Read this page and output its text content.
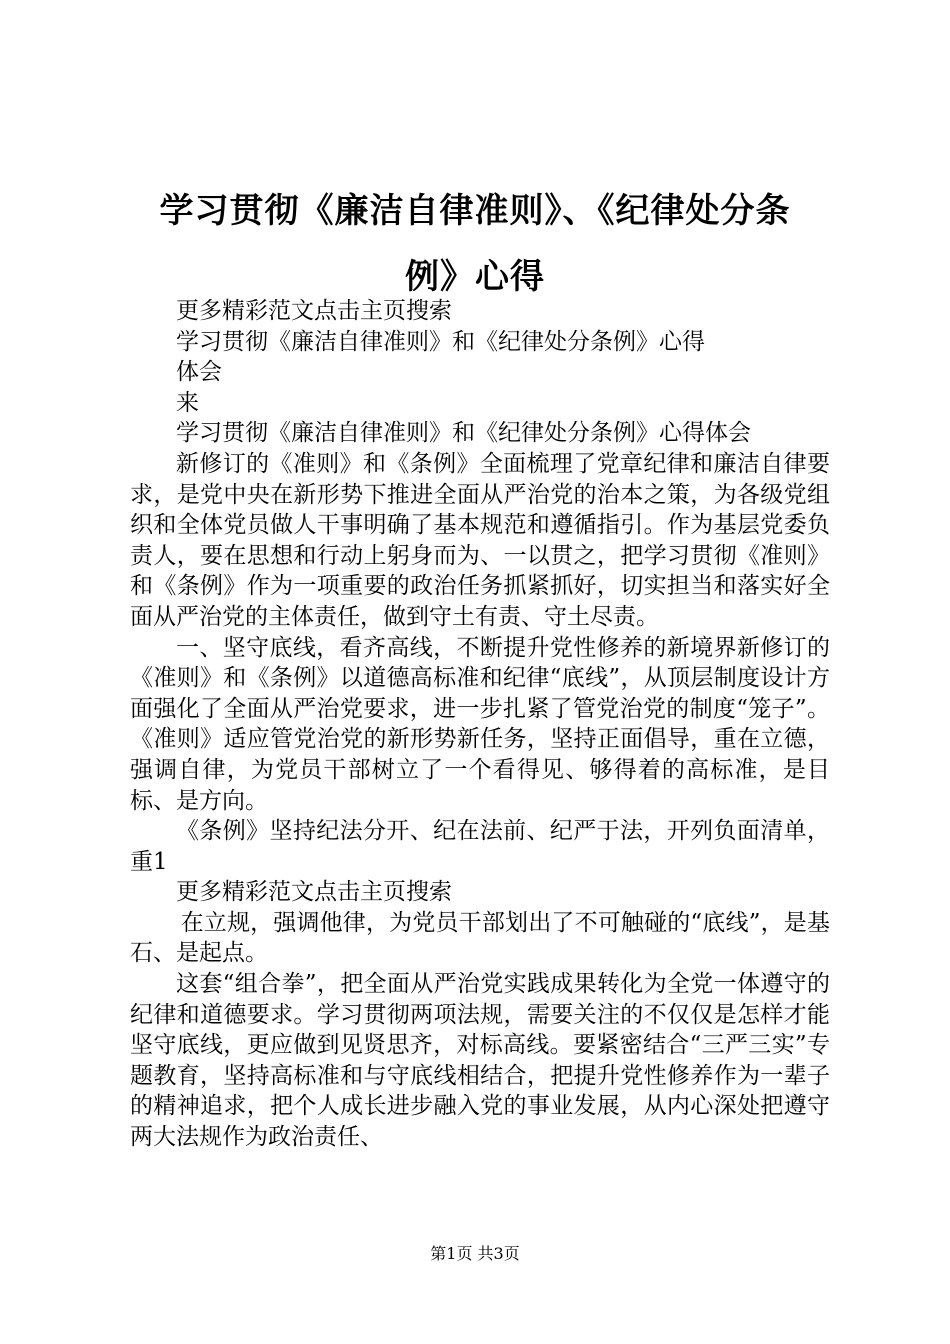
学习贯彻《廉洁自律准则》、《纪律处分条
例》心得

更多精彩范文点击主页搜索

学习贯彻《廉洁自律准则》和《纪律处分条例》心得

体会

来

学习贯彻《廉洁自律准则》和《纪律处分条例》心得体会

新修订的《准则》和《条例》全面梳理了党章纪律和廉洁自律要求，是党中央在新形势下推进全面从严治党的治本之策，为各级党组织和全体党员做人干事明确了基本规范和遵循指引。作为基层党委负责人，要在思想和行动上躬身而为、一以贯之，把学习贯彻《准则》和《条例》作为一项重要的政治任务抓紧抓好，切实担当和落实好全面从严治党的主体责任，做到守土有责、守土尽责。

一、坚守底线，看齐高线，不断提升党性修养的新境界新修订的《准则》和《条例》以道德高标准和纪律“底线”，从顶层制度设计方面强化了全面从严治党要求，进一步扎紧了管党治党的制度“笼子”。《准则》适应管党治党的新形势新任务，坚持正面倡导，重在立德，强调自律，为党员干部树立了一个看得见、够得着的高标准，是目标、是方向。

《条例》坚持纪法分开、纪在法前、纪严于法，开列负面清单，重1

更多精彩范文点击主页搜索

在立规，强调他律，为党员干部划出了不可触碰的“底线”，是基石、是起点。

这套“组合拳”，把全面从严治党实践成果转化为全党一体遵守的纪律和道德要求。学习贯彻两项法规，需要关注的不仅仅是怎样才能坚守底线，更应做到见贤思齐，对标高线。要紧密结合“三严三实”专题教育，坚持高标准和与守底线相结合，把提升党性修养作为一辈子的精神追求，把个人成长进步融入党的事业发展，从内心深处把遵守两大法规作为政治责任、

第1页 共3页
